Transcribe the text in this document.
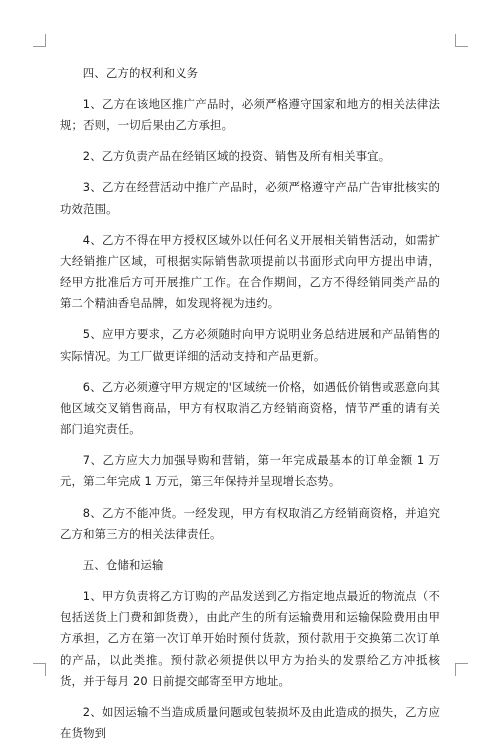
四、乙方的权利和义务

1、乙方在该地区推广产品时，必须严格遵守国家和地方的相关法律法规；否则，一切后果由乙方承担。

2、乙方负责产品在经销区域的投资、销售及所有相关事宜。

3、乙方在经营活动中推广产品时，必须严格遵守产品广告审批核实的功效范围。

4、乙方不得在甲方授权区域外以任何名义开展相关销售活动，如需扩大经销推广区域，可根据实际销售款项提前以书面形式向甲方提出申请，经甲方批准后方可开展推广工作。在合作期间，乙方不得经销同类产品的第二个精油香皂品牌，如发现将视为违约。

5、应甲方要求，乙方必须随时向甲方说明业务总结进展和产品销售的实际情况。为工厂做更详细的活动支持和产品更新。

6、乙方必须遵守甲方规定的'区域统一价格，如遇低价销售或恶意向其他区域交叉销售商品，甲方有权取消乙方经销商资格，情节严重的请有关部门追究责任。

7、乙方应大力加强导购和营销，第一年完成最基本的订单金额 1 万元，第二年完成 1 万元，第三年保持并呈现增长态势。

8、乙方不能冲货。一经发现，甲方有权取消乙方经销商资格，并追究乙方和第三方的相关法律责任。

五、仓储和运输

1、甲方负责将乙方订购的产品发送到乙方指定地点最近的物流点（不包括送货上门费和卸货费），由此产生的所有运输费用和运输保险费用由甲方承担，乙方在第一次订单开始时预付货款，预付款用于交换第二次订单的产品，以此类推。预付款必须提供以甲方为抬头的发票给乙方冲抵核货，并于每月 20 日前提交邮寄至甲方地址。

2、如因运输不当造成质量问题或包装损坏及由此造成的损失，乙方应在货物到
